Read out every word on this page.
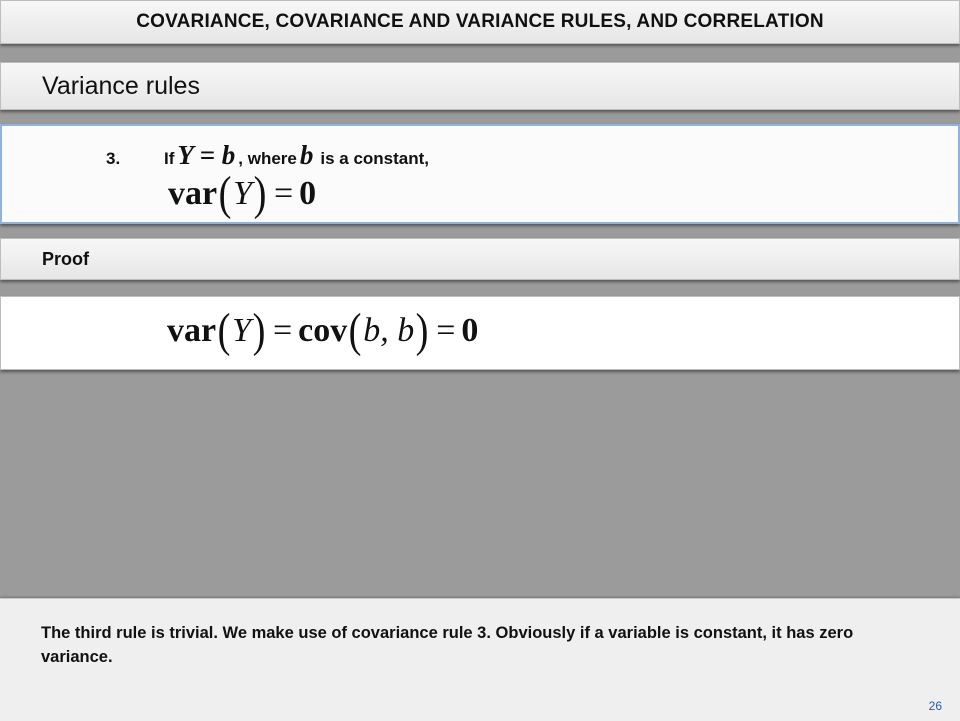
COVARIANCE, COVARIANCE AND VARIANCE RULES, AND CORRELATION
Variance rules
3.	If Y = b , where b is a constant,
var ( Y ) = 0
Proof
var ( Y ) = cov ( b, b ) = 0
The third rule is trivial. We make use of covariance rule 3. Obviously if a variable is constant, it has zero variance.
26
